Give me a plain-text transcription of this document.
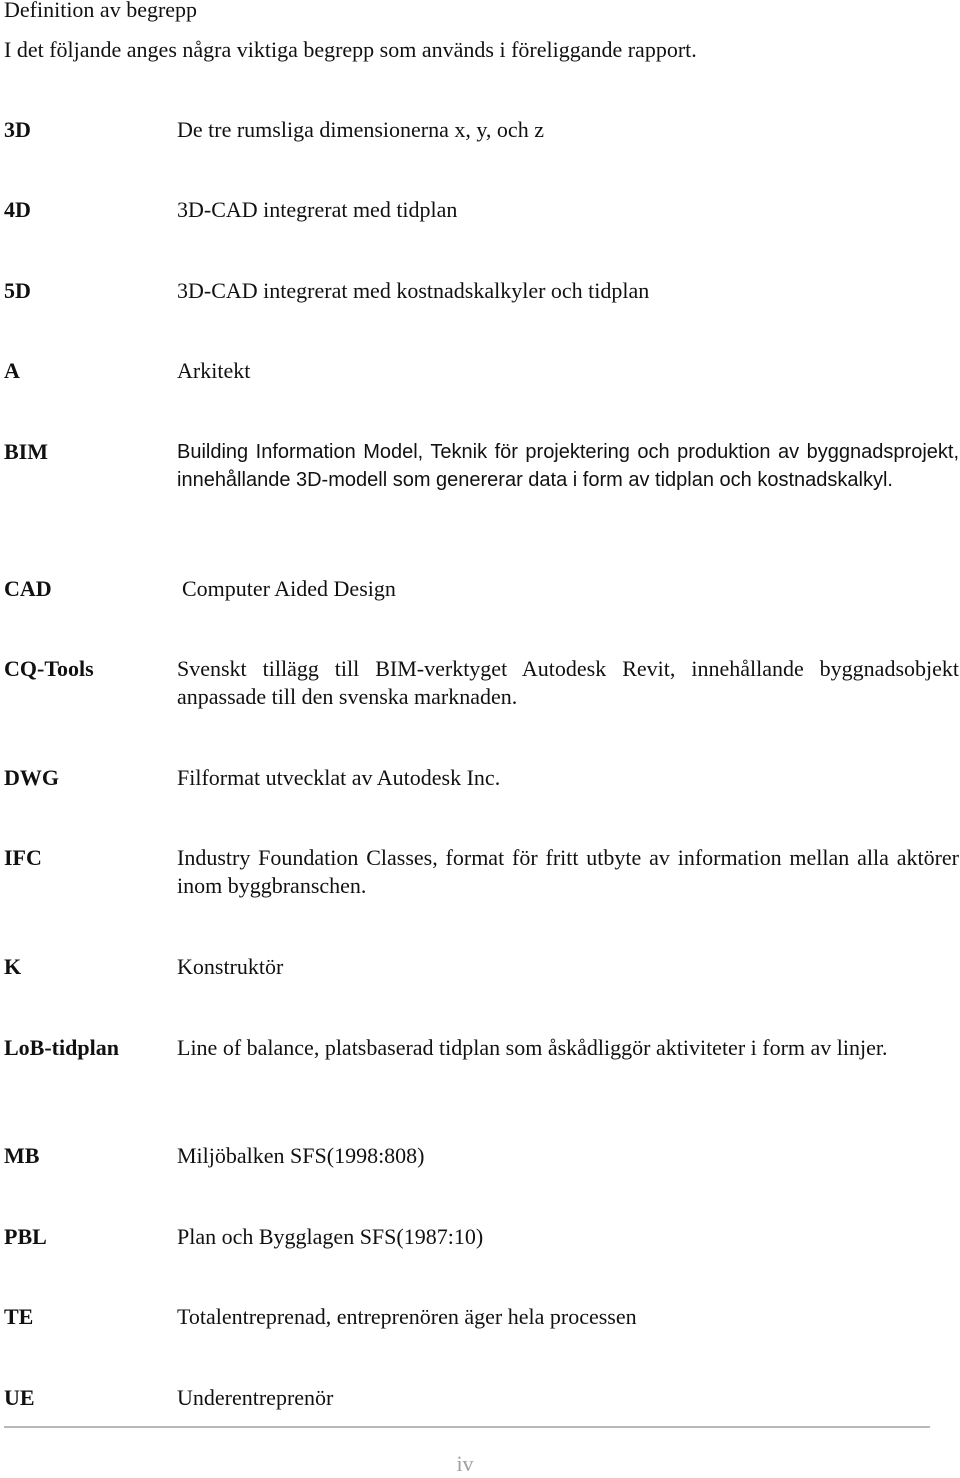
Definition av begrepp

I det följande anges några viktiga begrepp som används i föreliggande rapport.

3D	De tre rumsliga dimensionerna x, y, och z
4D	3D-CAD integrerat med tidplan
5D	3D-CAD integrerat med kostnadskalkyler och tidplan
A	Arkitekt
BIM	Building Information Model, Teknik för projektering och produktion av byggnadsprojekt, innehållande 3D-modell som genererar data i form av tidplan och kostnadskalkyl.
CAD	Computer Aided Design
CQ-Tools	Svenskt tillägg till BIM-verktyget Autodesk Revit, innehållande byggnadsobjekt anpassade till den svenska marknaden.
DWG	Filformat utvecklat av Autodesk Inc.
IFC	Industry Foundation Classes, format för fritt utbyte av information mellan alla aktörer inom byggbranschen.
K	Konstruktör
LoB-tidplan	Line of balance, platsbaserad tidplan som åskådliggör aktiviteter i form av linjer.
MB	Miljöbalken SFS(1998:808)
PBL	Plan och Bygglagen SFS(1987:10)
TE	Totalentreprenad, entreprenören äger hela processen
UE	Underentreprenör
iv
